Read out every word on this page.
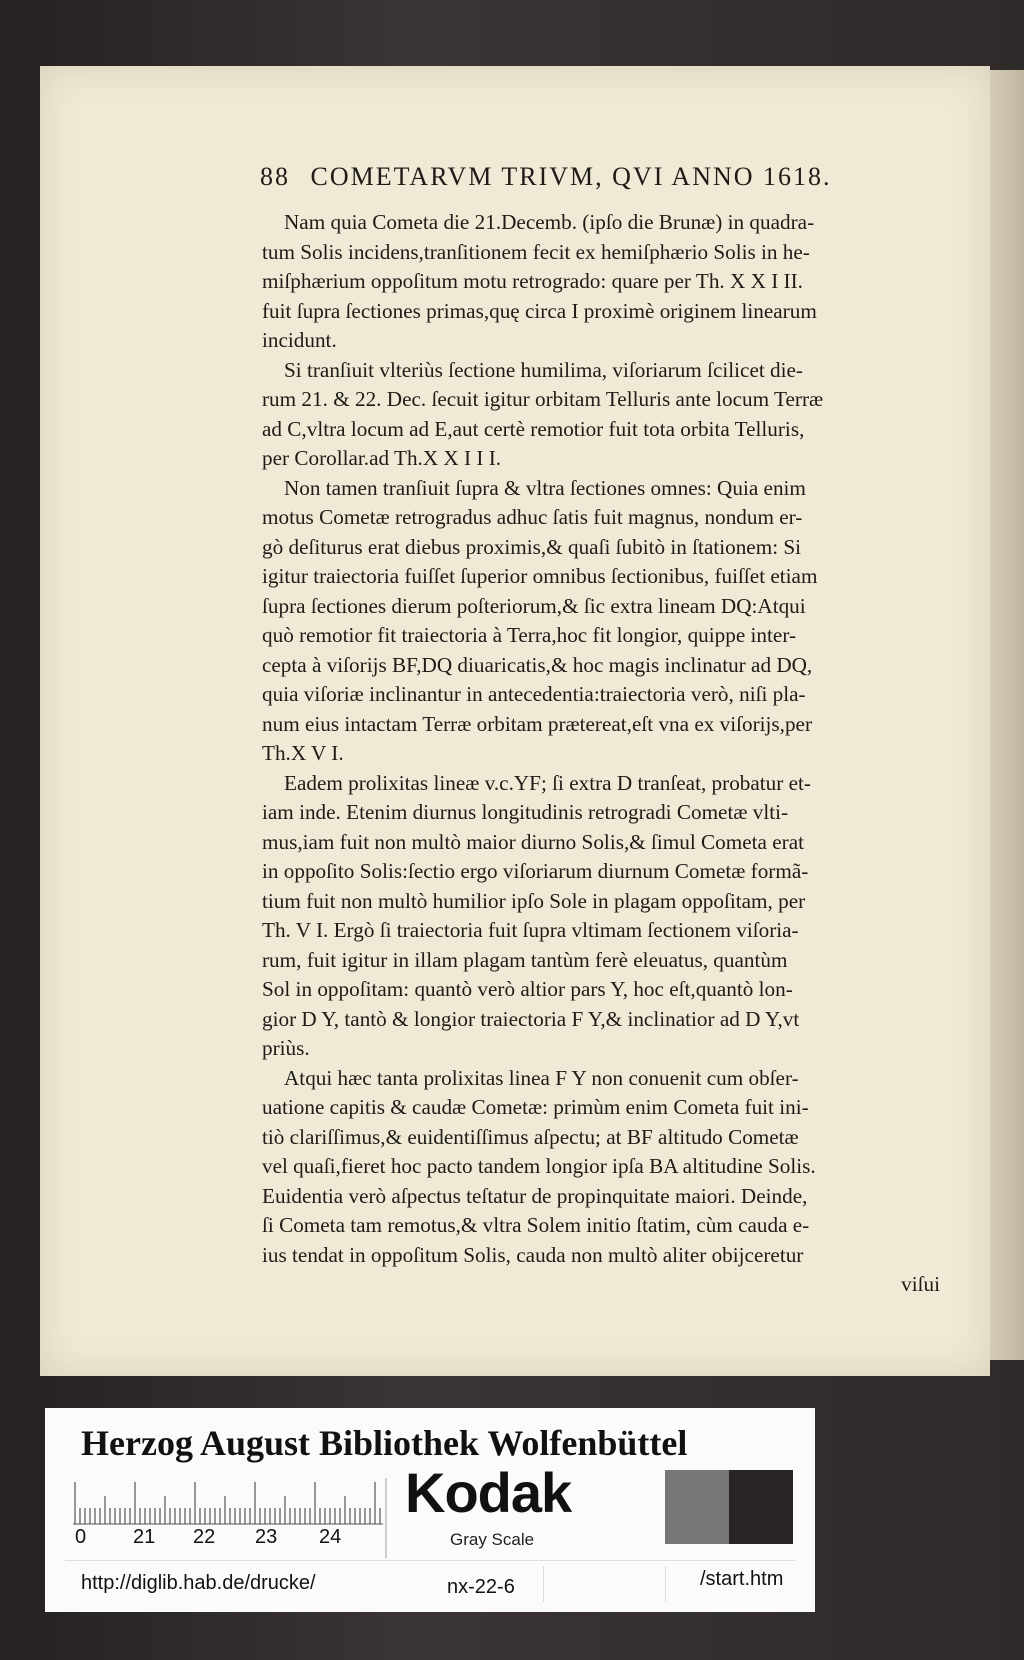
88 COMETARVM TRIVM, QVI ANNO 1618.
Nam quia Cometa die 21.Decemb. (ipſo die Brunæ) in quadra-
tum Solis incidens,tranſitionem fecit ex hemiſphærio Solis in he-
miſphærium oppoſitum motu retrogrado: quare per Th. X X I II.
fuit ſupra ſectiones primas,quę circa I proximè originem linearum
incidunt.
Si tranſiuit vlteriùs ſectione humilima, viſoriarum ſcilicet die-
rum 21. & 22. Dec. ſecuit igitur orbitam Telluris ante locum Terræ
ad C,vltra locum ad E,aut certè remotior fuit tota orbita Telluris,
per Corollar.ad Th.X X I I I.
Non tamen tranſiuit ſupra & vltra ſectiones omnes: Quia enim
motus Cometæ retrogradus adhuc ſatis fuit magnus, nondum er-
gò deſiturus erat diebus proximis,& quaſi ſubitò in ſtationem: Si
igitur traiectoria fuiſſet ſuperior omnibus ſectionibus, fuiſſet etiam
ſupra ſectiones dierum poſteriorum,& ſic extra lineam DQ:Atqui
quò remotior fit traiectoria à Terra,hoc fit longior, quippe inter-
cepta à viſorijs BF,DQ diuaricatis,& hoc magis inclinatur ad DQ,
quia viſoriæ inclinantur in antecedentia:traiectoria verò, niſi pla-
num eius intactam Terræ orbitam prætereat,eſt vna ex viſorijs,per
Th.X V I.
Eadem prolixitas lineæ v.c.YF; ſi extra D tranſeat, probatur et-
iam inde. Etenim diurnus longitudinis retrogradi Cometæ vlti-
mus,iam fuit non multò maior diurno Solis,& ſimul Cometa erat
in oppoſito Solis:ſectio ergo viſoriarum diurnum Cometæ formã-
tium fuit non multò humilior ipſo Sole in plagam oppoſitam, per
Th. V I. Ergò ſi traiectoria fuit ſupra vltimam ſectionem viſoria-
rum, fuit igitur in illam plagam tantùm ferè eleuatus, quantùm
Sol in oppoſitam: quantò verò altior pars Y, hoc eſt,quantò lon-
gior D Y, tantò & longior traiectoria F Y,& inclinatior ad D Y,vt
priùs.
Atqui hæc tanta prolixitas linea F Y non conuenit cum obſer-
uatione capitis & caudæ Cometæ: primùm enim Cometa fuit ini-
tiò clariſſimus,& euidentiſſimus aſpectu; at BF altitudo Cometæ
vel quaſi,fieret hoc pacto tandem longior ipſa BA altitudine Solis.
Euidentia verò aſpectus teſtatur de propinquitate maiori. Deinde,
ſi Cometa tam remotus,& vltra Solem initio ſtatim, cùm cauda e-
ius tendat in oppoſitum Solis, cauda non multò aliter obijceretur
viſui
Herzog August Bibliothek Wolfenbüttel
0 21 22 23 24
Kodak
Gray Scale
http://diglib.hab.de/drucke/	nx-22-6	/start.htm
